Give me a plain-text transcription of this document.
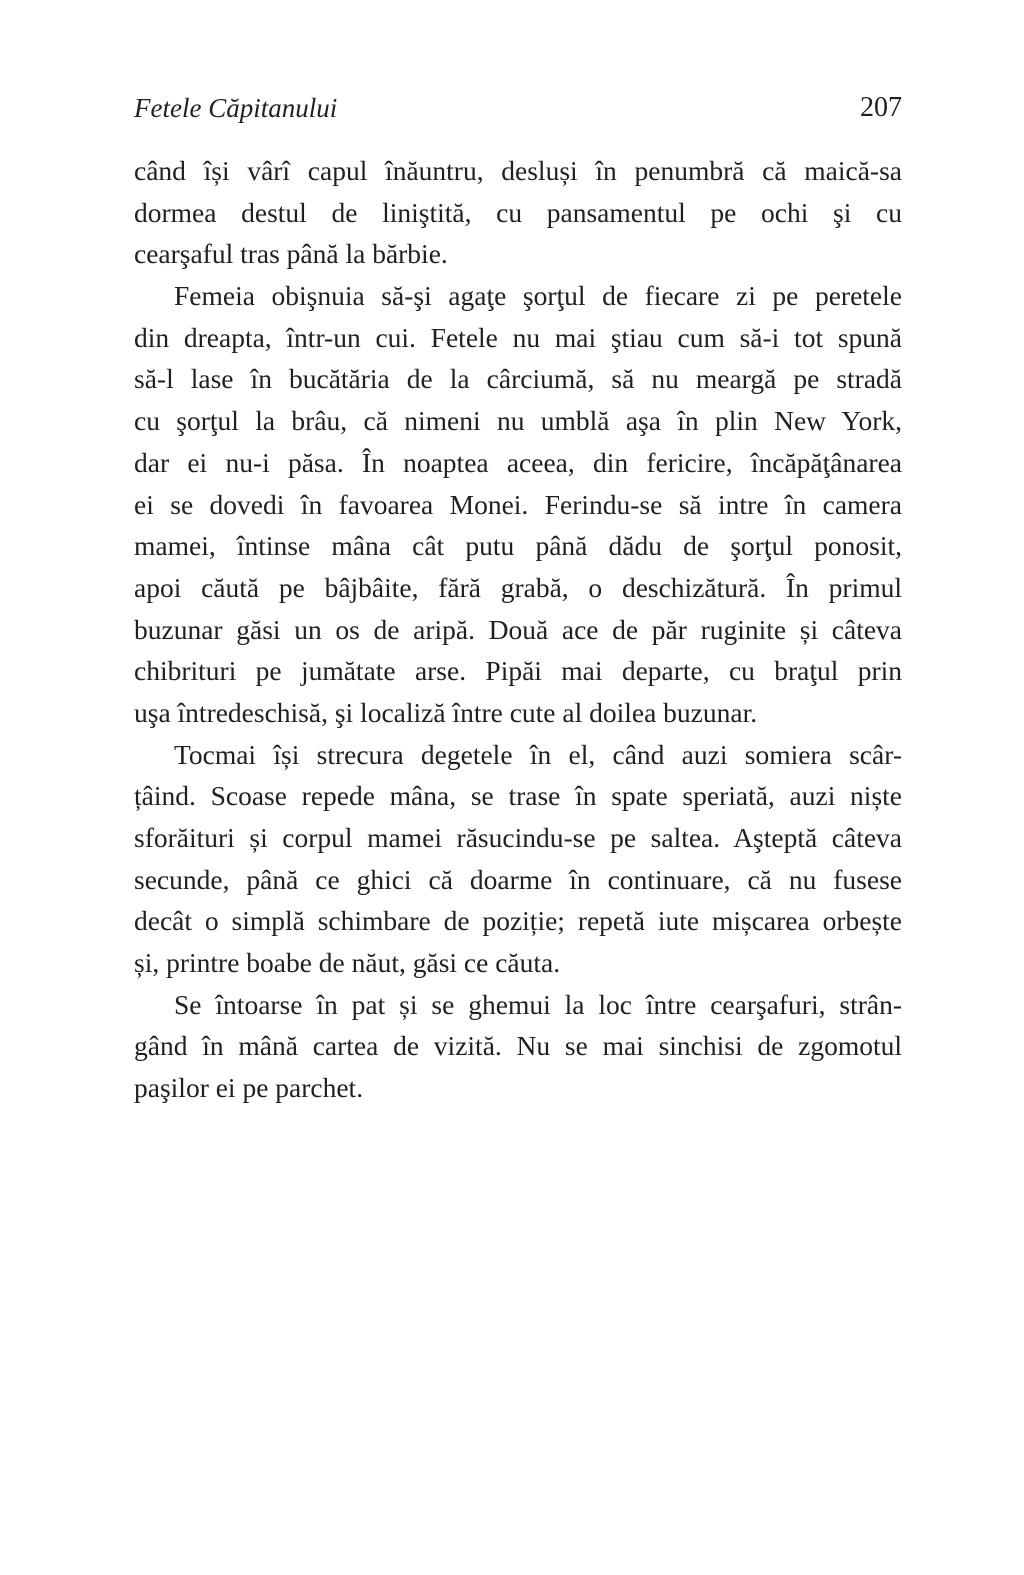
Fetele Căpitanului	207
când își vârî capul înăuntru, desluși în penumbră că maică-sa
dormea destul de liniştită, cu pansamentul pe ochi şi cu
cearşaful tras până la bărbie.
Femeia obişnuia să-şi agaţe şorţul de fiecare zi pe peretele
din dreapta, într-un cui. Fetele nu mai ştiau cum să-i tot spună
să-l lase în bucătăria de la cârciumă, să nu meargă pe stradă
cu şorţul la brâu, că nimeni nu umblă aşa în plin New York,
dar ei nu-i păsa. În noaptea aceea, din fericire, încăpăţânarea
ei se dovedi în favoarea Monei. Ferindu-se să intre în camera
mamei, întinse mâna cât putu până dădu de şorţul ponosit,
apoi căută pe bâjbâite, fără grabă, o deschizătură. În primul
buzunar găsi un os de aripă. Două ace de păr ruginite și câteva
chibrituri pe jumătate arse. Pipăi mai departe, cu braţul prin
uşa întredeschisă, şi localiză între cute al doilea buzunar.
Tocmai își strecura degetele în el, când auzi somiera scâr-
țâind. Scoase repede mâna, se trase în spate speriată, auzi niște
sforăituri și corpul mamei răsucindu-se pe saltea. Aşteptă câteva
secunde, până ce ghici că doarme în continuare, că nu fusese
decât o simplă schimbare de poziție; repetă iute mișcarea orbește
și, printre boabe de năut, găsi ce căuta.
Se întoarse în pat și se ghemui la loc între cearşafuri, strân-
gând în mână cartea de vizită. Nu se mai sinchisi de zgomotul
paşilor ei pe parchet.
